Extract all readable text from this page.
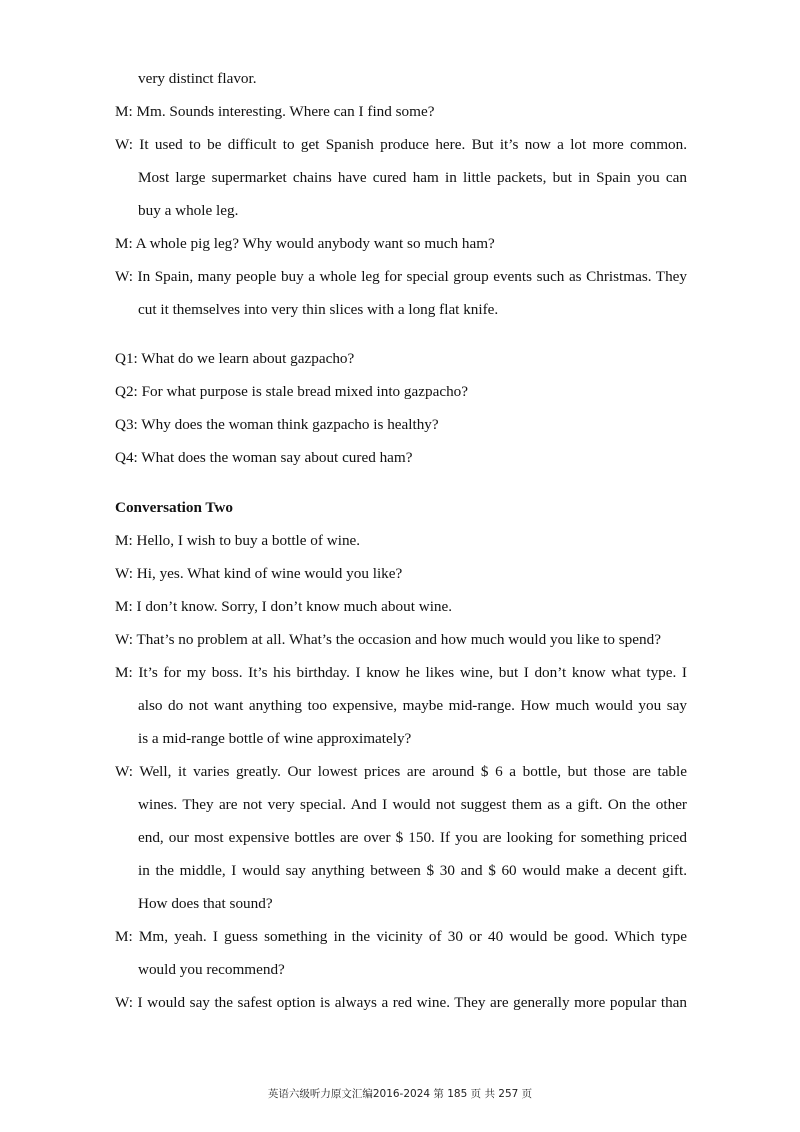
very distinct flavor.
M: Mm. Sounds interesting. Where can I find some?
W: It used to be difficult to get Spanish produce here. But it’s now a lot more common.
Most large supermarket chains have cured ham in little packets, but in Spain you can
buy a whole leg.
M: A whole pig leg? Why would anybody want so much ham?
W: In Spain, many people buy a whole leg for special group events such as Christmas. They
cut it themselves into very thin slices with a long flat knife.
Q1: What do we learn about gazpacho?
Q2: For what purpose is stale bread mixed into gazpacho?
Q3: Why does the woman think gazpacho is healthy?
Q4: What does the woman say about cured ham?
Conversation Two
M: Hello, I wish to buy a bottle of wine.
W: Hi, yes. What kind of wine would you like?
M: I don’t know. Sorry, I don’t know much about wine.
W: That’s no problem at all. What’s the occasion and how much would you like to spend?
M: It’s for my boss. It’s his birthday. I know he likes wine, but I don’t know what type. I
also do not want anything too expensive, maybe mid-range. How much would you say
is a mid-range bottle of wine approximately?
W: Well, it varies greatly. Our lowest prices are around $ 6 a bottle, but those are table
wines. They are not very special. And I would not suggest them as a gift. On the other
end, our most expensive bottles are over $ 150. If you are looking for something priced
in the middle, I would say anything between $ 30 and $ 60 would make a decent gift.
How does that sound?
M: Mm, yeah. I guess something in the vicinity of 30 or 40 would be good. Which type
would you recommend?
W: I would say the safest option is always a red wine. They are generally more popular than
英语六级听力原文汇编2016-2024 第 185 页 共 257 页
